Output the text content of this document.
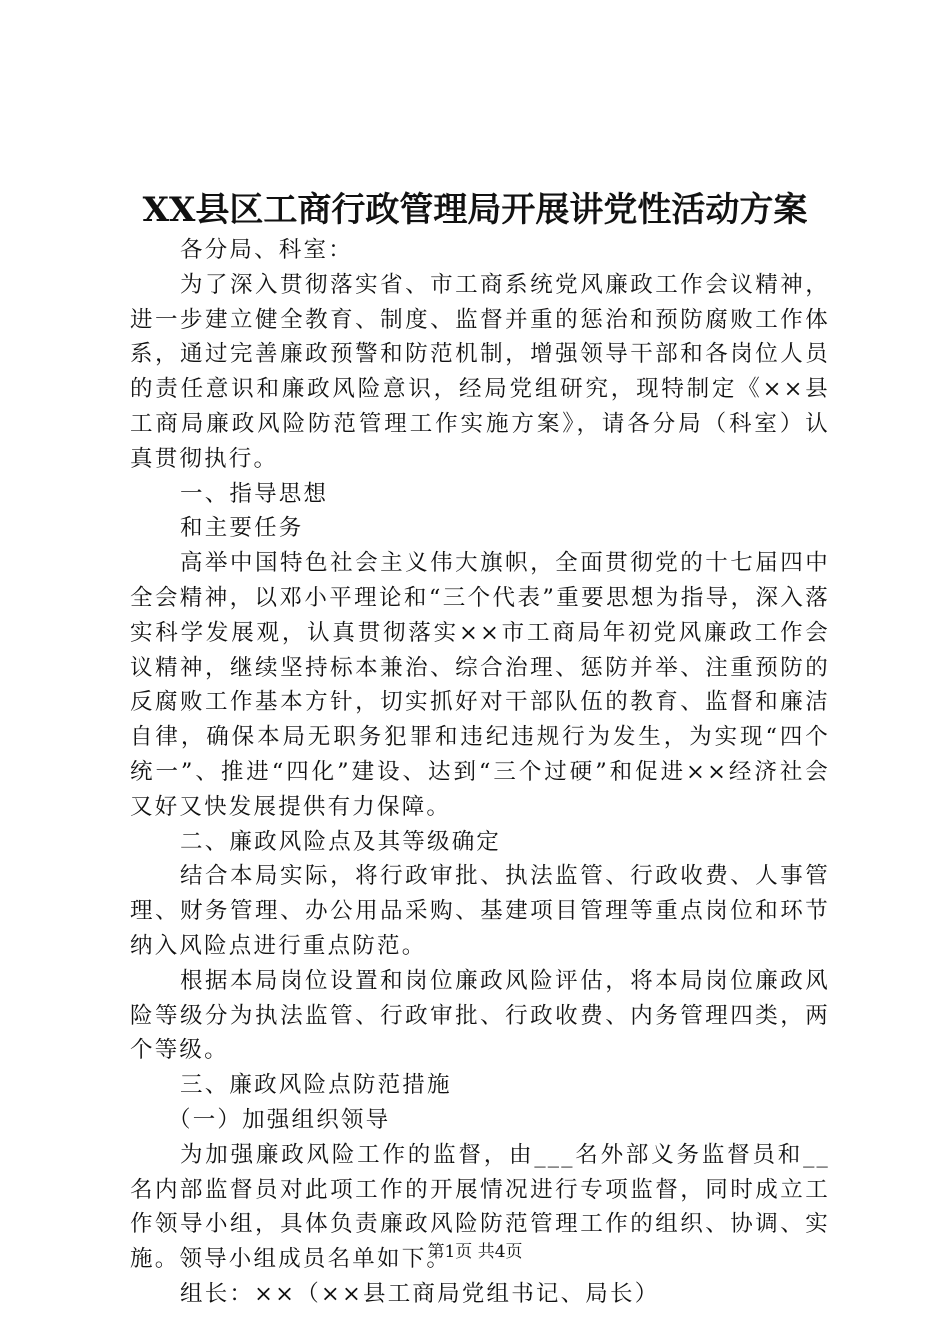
XX县区工商行政管理局开展讲党性活动方案

各分局、科室：

为了深入贯彻落实省、市工商系统党风廉政工作会议精神，进一步建立健全教育、制度、监督并重的惩治和预防腐败工作体系，通过完善廉政预警和防范机制，增强领导干部和各岗位人员的责任意识和廉政风险意识，经局党组研究，现特制定《××县工商局廉政风险防范管理工作实施方案》，请各分局（科室）认真贯彻执行。

一、指导思想

和主要任务

高举中国特色社会主义伟大旗帜，全面贯彻党的十七届四中全会精神，以邓小平理论和“三个代表”重要思想为指导，深入落实科学发展观，认真贯彻落实××市工商局年初党风廉政工作会议精神，继续坚持标本兼治、综合治理、惩防并举、注重预防的反腐败工作基本方针，切实抓好对干部队伍的教育、监督和廉洁自律，确保本局无职务犯罪和违纪违规行为发生，为实现“四个统一”、推进“四化”建设、达到“三个过硬”和促进××经济社会又好又快发展提供有力保障。

二、廉政风险点及其等级确定

结合本局实际，将行政审批、执法监管、行政收费、人事管理、财务管理、办公用品采购、基建项目管理等重点岗位和环节纳入风险点进行重点防范。

根据本局岗位设置和岗位廉政风险评估，将本局岗位廉政风险等级分为执法监管、行政审批、行政收费、内务管理四类，两个等级。

三、廉政风险点防范措施

（一）加强组织领导

为加强廉政风险工作的监督，由___名外部义务监督员和__名内部监督员对此项工作的开展情况进行专项监督，同时成立工作领导小组，具体负责廉政风险防范管理工作的组织、协调、实施。领导小组成员名单如下。

组长：××（××县工商局党组书记、局长）

第1页 共4页
